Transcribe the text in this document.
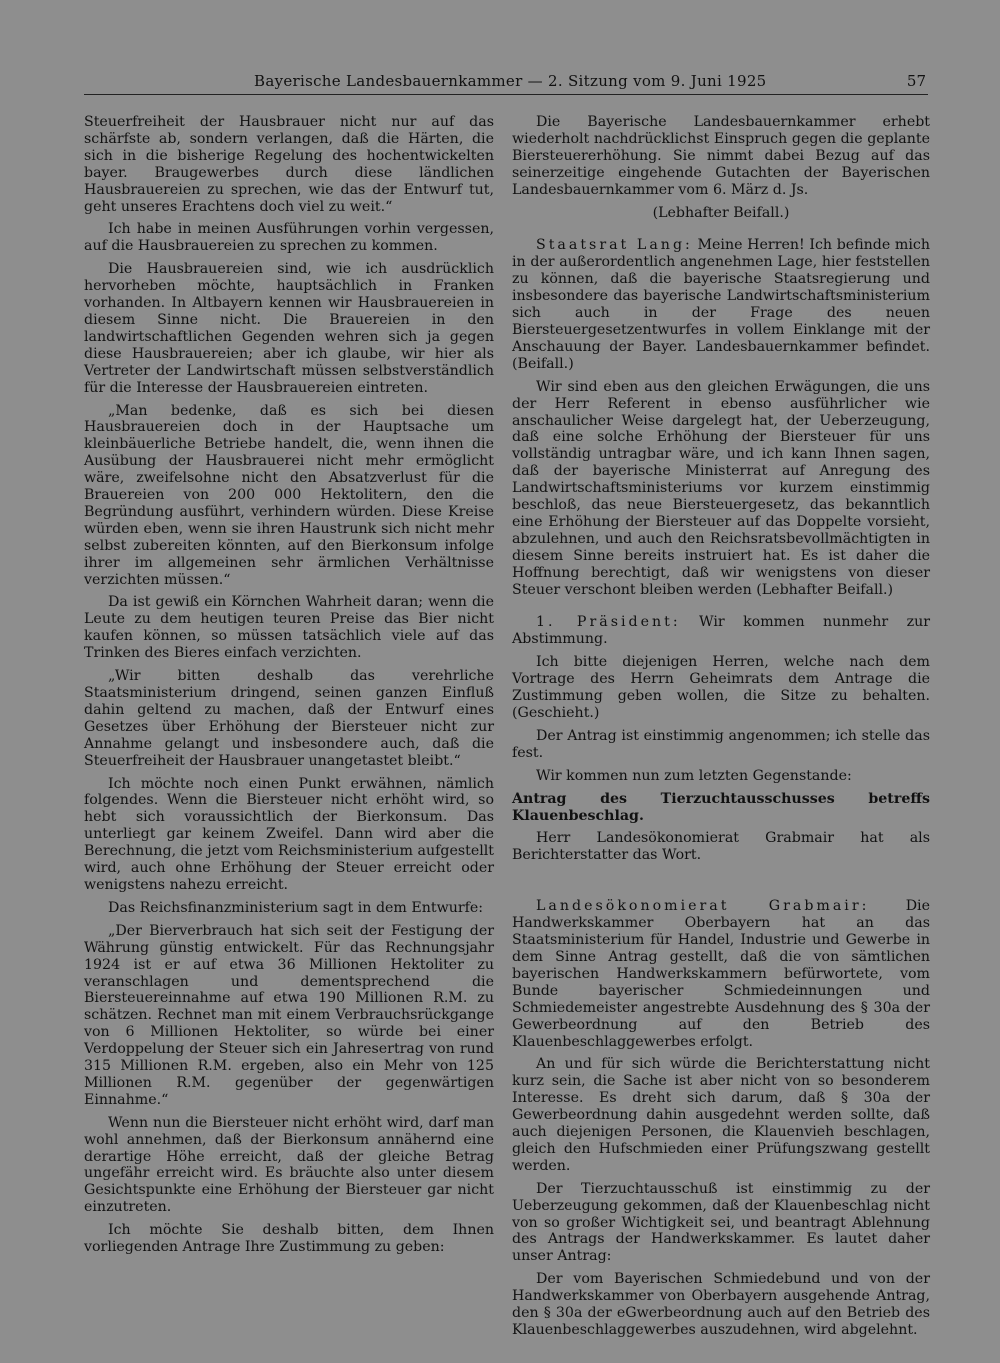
Bayerische Landesbauernkammer — 2. Sitzung vom 9. Juni 1925	57

Steuerfreiheit der Hausbrauer nicht nur auf das schärfste ab, sondern verlangen, daß die Härten, die sich in die bisherige Regelung des hochentwickelten bayer. Braugewerbes durch diese ländlichen Hausbrauereien zu sprechen, wie das der Entwurf tut, geht unseres Erachtens doch viel zu weit.“

Ich habe in meinen Ausführungen vorhin vergessen, auf die Hausbrauereien zu sprechen zu kommen.

Die Hausbrauereien sind, wie ich ausdrücklich hervorheben möchte, hauptsächlich in Franken vorhanden. In Altbayern kennen wir Hausbrauereien in diesem Sinne nicht. Die Brauereien in den landwirtschaftlichen Gegenden wehren sich ja gegen diese Hausbrauereien; aber ich glaube, wir hier als Vertreter der Landwirtschaft müssen selbstverständlich für die Interesse der Hausbrauereien eintreten.

„Man bedenke, daß es sich bei diesen Hausbrauereien doch in der Hauptsache um kleinbäuerliche Betriebe handelt, die, wenn ihnen die Ausübung der Hausbrauerei nicht mehr ermöglicht wäre, zweifelsohne nicht den Absatzverlust für die Brauereien von 200 000 Hektolitern, den die Begründung ausführt, verhindern würden. Diese Kreise würden eben, wenn sie ihren Haustrunk sich nicht mehr selbst zubereiten könnten, auf den Bierkonsum infolge ihrer im allgemeinen sehr ärmlichen Verhältnisse verzichten müssen.“

Da ist gewiß ein Körnchen Wahrheit daran; wenn die Leute zu dem heutigen teuren Preise das Bier nicht kaufen können, so müssen tatsächlich viele auf das Trinken des Bieres einfach verzichten.

„Wir bitten deshalb das verehrliche Staatsministerium dringend, seinen ganzen Einfluß dahin geltend zu machen, daß der Entwurf eines Gesetzes über Erhöhung der Biersteuer nicht zur Annahme gelangt und insbesondere auch, daß die Steuerfreiheit der Hausbrauer unangetastet bleibt.“

Ich möchte noch einen Punkt erwähnen, nämlich folgendes. Wenn die Biersteuer nicht erhöht wird, so hebt sich voraussichtlich der Bierkonsum. Das unterliegt gar keinem Zweifel. Dann wird aber die Berechnung, die jetzt vom Reichsministerium aufgestellt wird, auch ohne Erhöhung der Steuer erreicht oder wenigstens nahezu erreicht.

Das Reichsfinanzministerium sagt in dem Entwurfe:

„Der Bierverbrauch hat sich seit der Festigung der Währung günstig entwickelt. Für das Rechnungsjahr 1924 ist er auf etwa 36 Millionen Hektoliter zu veranschlagen und dementsprechend die Biersteuereinnahme auf etwa 190 Millionen R.M. zu schätzen. Rechnet man mit einem Verbrauchsrückgange von 6 Millionen Hektoliter, so würde bei einer Verdoppelung der Steuer sich ein Jahresertrag von rund 315 Millionen R.M. ergeben, also ein Mehr von 125 Millionen R.M. gegenüber der gegenwärtigen Einnahme.“

Wenn nun die Biersteuer nicht erhöht wird, darf man wohl annehmen, daß der Bierkonsum annähernd eine derartige Höhe erreicht, daß der gleiche Betrag ungefähr erreicht wird. Es bräuchte also unter diesem Gesichtspunkte eine Erhöhung der Biersteuer gar nicht einzutreten.

Ich möchte Sie deshalb bitten, dem Ihnen vorliegenden Antrage Ihre Zustimmung zu geben:

Die Bayerische Landesbauernkammer erhebt wiederholt nachdrücklichst Einspruch gegen die geplante Biersteuererhöhung. Sie nimmt dabei Bezug auf das seinerzeitige eingehende Gutachten der Bayerischen Landesbauernkammer vom 6. März d. Js.

(Lebhafter Beifall.)

Staatsrat Lang: Meine Herren! Ich befinde mich in der außerordentlich angenehmen Lage, hier feststellen zu können, daß die bayerische Staatsregierung und insbesondere das bayerische Landwirtschaftsministerium sich auch in der Frage des neuen Biersteuergesetzentwurfes in vollem Einklange mit der Anschauung der Bayer. Landesbauernkammer befindet. (Beifall.)

Wir sind eben aus den gleichen Erwägungen, die uns der Herr Referent in ebenso ausführlicher wie anschaulicher Weise dargelegt hat, der Ueberzeugung, daß eine solche Erhöhung der Biersteuer für uns vollständig untragbar wäre, und ich kann Ihnen sagen, daß der bayerische Ministerrat auf Anregung des Landwirtschaftsministeriums vor kurzem einstimmig beschloß, das neue Biersteuergesetz, das bekanntlich eine Erhöhung der Biersteuer auf das Doppelte vorsieht, abzulehnen, und auch den Reichsratsbevollmächtigten in diesem Sinne bereits instruiert hat. Es ist daher die Hoffnung berechtigt, daß wir wenigstens von dieser Steuer verschont bleiben werden (Lebhafter Beifall.)

1. Präsident: Wir kommen nunmehr zur Abstimmung.

Ich bitte diejenigen Herren, welche nach dem Vortrage des Herrn Geheimrats dem Antrage die Zustimmung geben wollen, die Sitze zu behalten. (Geschieht.)

Der Antrag ist einstimmig angenommen; ich stelle das fest.

Wir kommen nun zum letzten Gegenstande:

Antrag des Tierzuchtausschusses betreffs Klauenbeschlag.

Herr Landesökonomierat Grabmair hat als Berichterstatter das Wort.

Landesökonomierat Grabmair:	Die Handwerkskammer Oberbayern hat an das Staatsministerium für Handel, Industrie und Gewerbe in dem Sinne Antrag gestellt, daß die von sämtlichen bayerischen Handwerkskammern befürwortete, vom Bunde bayerischer Schmiedeinnungen und Schmiedemeister angestrebte Ausdehnung des § 30a der Gewerbeordnung auf den Betrieb des Klauenbeschlaggewerbes erfolgt.

An und für sich würde die Berichterstattung nicht kurz sein, die Sache ist aber nicht von so besonderem Interesse. Es dreht sich darum, daß § 30a der Gewerbeordnung dahin ausgedehnt werden sollte, daß auch diejenigen Personen, die Klauenvieh beschlagen, gleich den Hufschmieden einer Prüfungszwang gestellt werden.

Der Tierzuchtausschuß ist einstimmig zu der Ueberzeugung gekommen, daß der Klauenbeschlag nicht von so großer Wichtigkeit sei, und beantragt Ablehnung des Antrags der Handwerkskammer. Es lautet daher unser Antrag:

Der vom Bayerischen Schmiedebund und von der Handwerkskammer von Oberbayern ausgehende Antrag, den § 30a der eGwerbeordnung auch auf den Betrieb des Klauenbeschlaggewerbes auszudehnen, wird abgelehnt.
